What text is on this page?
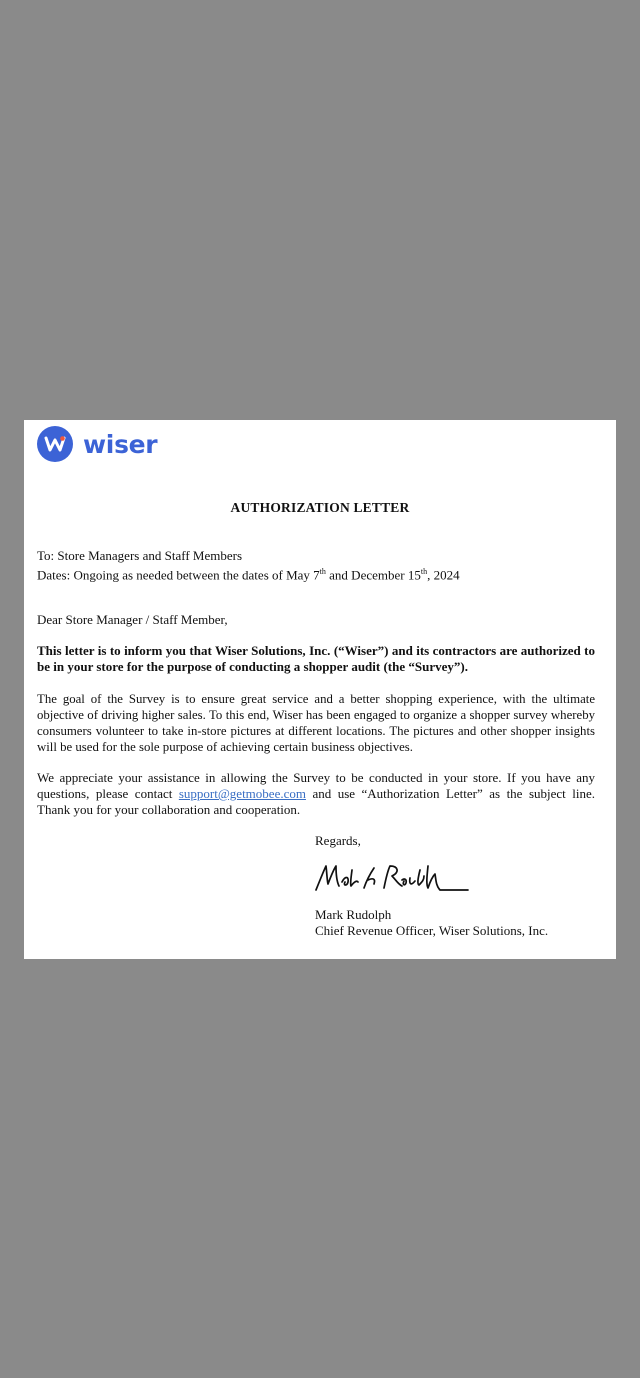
wiser
AUTHORIZATION LETTER
To: Store Managers and Staff Members
Dates: Ongoing as needed between the dates of May 7th and December 15th, 2024
Dear Store Manager / Staff Member,
This letter is to inform you that Wiser Solutions, Inc. (“Wiser”) and its contractors are authorized to be in your store for the purpose of conducting a shopper audit (the “Survey”).
The goal of the Survey is to ensure great service and a better shopping experience, with the ultimate objective of driving higher sales. To this end, Wiser has been engaged to organize a shopper survey whereby consumers volunteer to take in-store pictures at different locations. The pictures and other shopper insights will be used for the sole purpose of achieving certain business objectives.
We appreciate your assistance in allowing the Survey to be conducted in your store. If you have any questions, please contact support@getmobee.com and use “Authorization Letter” as the subject line. Thank you for your collaboration and cooperation.
Regards,
Mark Rudolph
Chief Revenue Officer, Wiser Solutions, Inc.
